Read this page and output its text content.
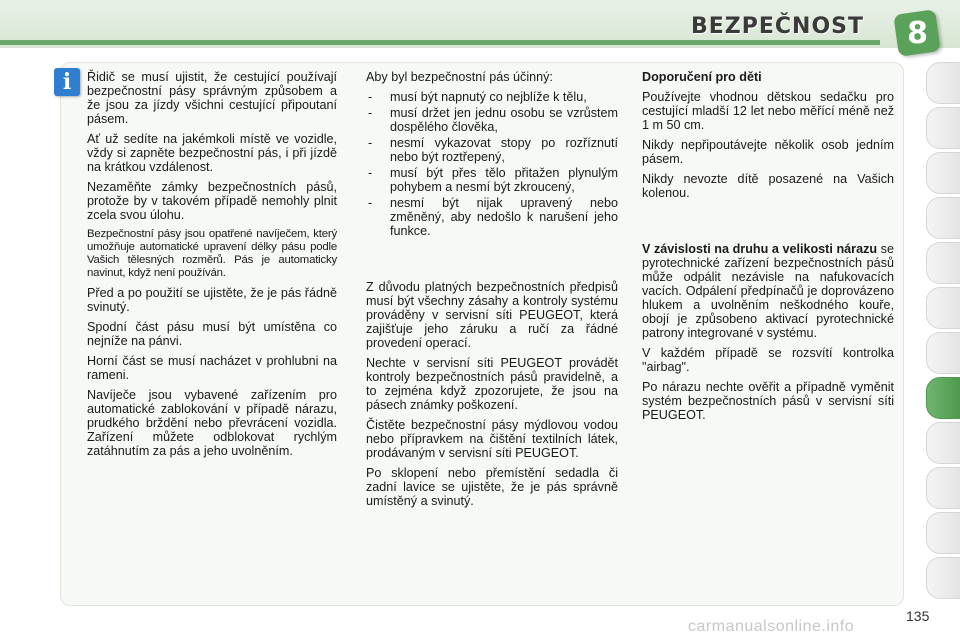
BEZPEČNOST 8
i Řidič se musí ujistit, že cestující používají bezpečnostní pásy správným způsobem a že jsou za jízdy všichni cestující připoutaní pásem.

Ať už sedíte na jakémkoli místě ve vozidle, vždy si zapněte bezpečnostní pás, i při jízdě na krátkou vzdálenost.

Nezaměňte zámky bezpečnostních pásů, protože by v takovém případě nemohly plnit zcela svou úlohu.

Bezpečnostní pásy jsou opatřené navíječem, který umožňuje automatické upravení délky pásu podle Vašich tělesných rozměrů. Pás je automaticky navinut, když není používán.

Před a po použití se ujistěte, že je pás řádně svinutý.

Spodní část pásu musí být umístěna co nejníže na pánvi.

Horní část se musí nacházet v prohlubni na rameni.

Navíječe jsou vybavené zařízením pro automatické zablokování v případě nárazu, prudkého brždění nebo převrácení vozidla. Zařízení můžete odblokovat rychlým zatáhnutím za pás a jeho uvolněním.

Aby byl bezpečnostní pás účinný:

- musí být napnutý co nejblíže k tělu,
- musí držet jen jednu osobu se vzrůstem dospělého člověka,
- nesmí vykazovat stopy po rozříznutí nebo být roztřepený,
- musí být přes tělo přitažen plynulým pohybem a nesmí být zkroucený,
- nesmí být nijak upravený nebo změněný, aby nedošlo k narušení jeho funkce.

Z důvodu platných bezpečnostních předpisů musí být všechny zásahy a kontroly systému prováděny v servisní síti PEUGEOT, která zajišťuje jeho záruku a ručí za řádné provedení operací.

Nechte v servisní síti PEUGEOT provádět kontroly bezpečnostních pásů pravidelně, a to zejména když zpozorujete, že jsou na pásech známky poškození.

Čistěte bezpečnostní pásy mýdlovou vodou nebo přípravkem na čištění textilních látek, prodávaným v servisní síti PEUGEOT.

Po sklopení nebo přemístění sedadla či zadní lavice se ujistěte, že je pás správně umístěný a svinutý.

Doporučení pro děti

Používejte vhodnou dětskou sedačku pro cestující mladší 12 let nebo měřící méně než 1 m 50 cm.

Nikdy nepřipoutávejte několik osob jedním pásem.

Nikdy nevozte dítě posazené na Vašich kolenou.

V závislosti na druhu a velikosti nárazu se pyrotechnické zařízení bezpečnostních pásů může odpálit nezávisle na nafukovacích vacích. Odpálení předpínačů je doprovázeno hlukem a uvolněním neškodného kouře, obojí je způsobeno aktivací pyrotechnické patrony integrované v systému.

V každém případě se rozsvítí kontrolka "airbag".

Po nárazu nechte ověřit a případně vyměnit systém bezpečnostních pásů v servisní síti PEUGEOT.

carmanualsonline.info
135
